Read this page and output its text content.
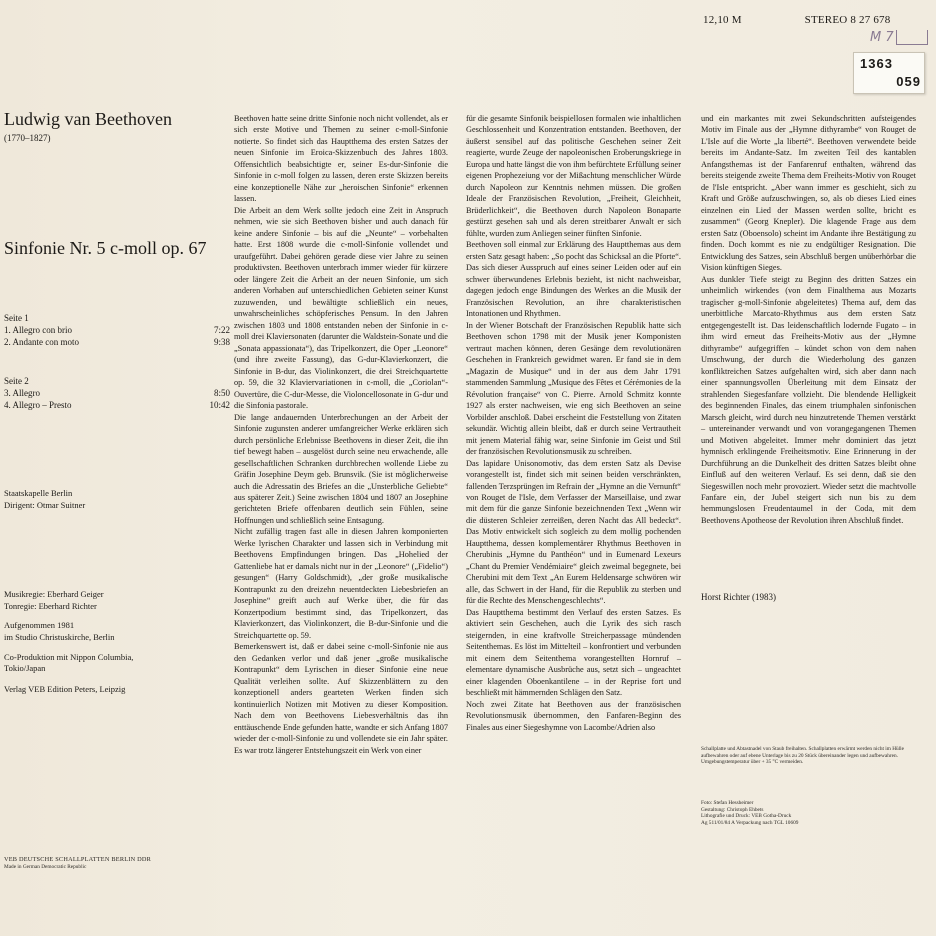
12,10 M	STEREO 8 27 678
M 7
1363
059
Ludwig van Beethoven
(1770–1827)
Sinfonie Nr. 5 c-moll op. 67
Seite 1
1. Allegro con brio	7:22
2. Andante con moto	9:38
Seite 2
3. Allegro	8:50
4. Allegro – Presto	10:42
Staatskapelle Berlin
Dirigent: Otmar Suitner
Musikregie: Eberhard Geiger
Tonregie: Eberhard Richter
Aufgenommen 1981
im Studio Christuskirche, Berlin
Co-Produktion mit Nippon Columbia,
Tokio/Japan
Verlag VEB Edition Peters, Leipzig
VEB DEUTSCHE SCHALLPLATTEN BERLIN DDR
Made in German Democratic Republic

Beethoven hatte seine dritte Sinfonie noch nicht vollendet, als er sich erste Motive und Themen zu seiner c-moll-Sinfonie notierte. So findet sich das Hauptthema des ersten Satzes der neuen Sinfonie im Eroica-Skizzenbuch des Jahres 1803. Offensichtlich beabsichtigte er, seiner Es-dur-Sinfonie die Sinfonie in c-moll folgen zu lassen, deren erste Skizzen bereits eine konzeptionelle Nähe zur „heroischen Sinfonie“ erkennen lassen.

Die Arbeit an dem Werk sollte jedoch eine Zeit in Anspruch nehmen, wie sie sich Beethoven bisher und auch danach für keine andere Sinfonie – bis auf die „Neunte“ – vorbehalten hatte. Erst 1808 wurde die c-moll-Sinfonie vollendet und uraufgeführt. Dabei gehören gerade diese vier Jahre zu seinen produktivsten. Beethoven unterbrach immer wieder für kürzere oder längere Zeit die Arbeit an der neuen Sinfonie, um sich anderen Vorhaben auf unterschiedlichen Gebieten seiner Kunst zuzuwenden, und bewältigte schließlich ein neues, unwahrscheinliches schöpferisches Pensum. In den Jahren zwischen 1803 und 1808 entstanden neben der Sinfonie in c-moll drei Klaviersonaten (darunter die Waldstein-Sonate und die „Sonata appassionata“), das Tripelkonzert, die Oper „Leonore“ (und ihre zweite Fassung), das G-dur-Klavierkonzert, die Sinfonie in B-dur, das Violinkonzert, die drei Streichquartette op. 59, die 32 Klaviervariationen in c-moll, die „Coriolan“-Ouvertüre, die C-dur-Messe, die Violoncellosonate in G-dur und die Sinfonia pastorale.

Die lange andauernden Unterbrechungen an der Arbeit der Sinfonie zugunsten anderer umfangreicher Werke erklären sich durch persönliche Erlebnisse Beethovens in dieser Zeit, die ihn tief bewegt haben – ausgelöst durch seine neu erwachende, alle gesellschaftlichen Schranken durchbrechen wollende Liebe zu Gräfin Josephine Deym geb. Brunsvik. (Sie ist möglicherweise auch die Adressatin des Briefes an die „Unsterbliche Geliebte“ aus späterer Zeit.) Seine zwischen 1804 und 1807 an Josephine gerichteten Briefe offenbaren deutlich sein Fühlen, seine Hoffnungen und schließlich seine Entsagung.

Nicht zufällig tragen fast alle in diesen Jahren komponierten Werke lyrischen Charakter und lassen sich in Verbindung mit Beethovens Empfindungen bringen. Das „Hohelied der Gattenliebe hat er damals nicht nur in der „Leonore“ („Fidelio“) gesungen“ (Harry Goldschmidt), „der große musikalische Kontrapunkt zu den dreizehn neuentdeckten Liebesbriefen an Josephine“ greift auch auf Werke über, die für das Konzertpodium bestimmt sind, das Tripelkonzert, das Klavierkonzert, das Violinkonzert, die B-dur-Sinfonie und die Streichquartette op. 59.

Bemerkenswert ist, daß er dabei seine c-moll-Sinfonie nie aus den Gedanken verlor und daß jener „große musikalische Kontrapunkt“ dem Lyrischen in dieser Sinfonie eine neue Qualität verleihen sollte. Auf Skizzenblättern zu den konzeptionell anders gearteten Werken finden sich kontinuierlich Notizen mit Motiven zu dieser Komposition. Nach dem von Beethovens Liebesverhältnis das ihn enttäuschende Ende gefunden hatte, wandte er sich Anfang 1807 wieder der c-moll-Sinfonie zu und vollendete sie ein Jahr später. Es war trotz längerer Entstehungszeit ein Werk von einer

für die gesamte Sinfonik beispiellosen formalen wie inhaltlichen Geschlossenheit und Konzentration entstanden. Beethoven, der äußerst sensibel auf das politische Geschehen seiner Zeit reagierte, wurde Zeuge der napoleonischen Eroberungskriege in Europa und hatte längst die von ihm befürchtete Erfüllung seiner eigenen Prophezeiung vor der Mißachtung menschlicher Würde durch Napoleon zur Kenntnis nehmen müssen. Die großen Ideale der Französischen Revolution, „Freiheit, Gleichheit, Brüderlichkeit“, die Beethoven durch Napoleon Bonaparte gestürzt gesehen sah und als deren streitbarer Anwalt er sich fühlte, wurden zum Anliegen seiner fünften Sinfonie.

Beethoven soll einmal zur Erklärung des Hauptthemas aus dem ersten Satz gesagt haben: „So pocht das Schicksal an die Pforte“. Das sich dieser Ausspruch auf eines seiner Leiden oder auf ein schwer überwundenes Erlebnis bezieht, ist nicht nachweisbar, dagegen jedoch enge Bindungen des Werkes an die Musik der Französischen Revolution, an ihre charakteristischen Intonationen und Rhythmen.

In der Wiener Botschaft der Französischen Republik hatte sich Beethoven schon 1798 mit der Musik jener Komponisten vertraut machen können, deren Gesänge dem revolutionären Geschehen in Frankreich gewidmet waren. Er fand sie in dem „Magazin de Musique“ und in der aus dem Jahr 1791 stammenden Sammlung „Musique des Fêtes et Cérémonies de la Révolution française“ von C. Pierre. Arnold Schmitz konnte 1927 als erster nachweisen, wie eng sich Beethoven an seine Vorbilder anschloß. Dabei erscheint die Feststellung von Zitaten sekundär. Wichtig allein bleibt, daß er durch seine Vertrautheit mit jenem Material fähig war, seine Sinfonie im Geist und Stil der französischen Revolutionsmusik zu schreiben.

Das lapidare Unisonomotiv, das dem ersten Satz als Devise vorangestellt ist, findet sich mit seinen beiden verschränkten, fallenden Terzsprüngen im Refrain der „Hymne an die Vernunft“ von Rouget de l'Isle, dem Verfasser der Marseillaise, und zwar mit dem für die ganze Sinfonie bezeichnenden Text „Wenn wir die düsteren Schleier zerreißen, deren Nacht das All bedeckt“. Das Motiv entwickelt sich sogleich zu dem mollig pochenden Hauptthema, dessen komplementärer Rhythmus Beethoven in Cherubinis „Hymne du Panthéon“ und in Eumenard Lexeurs „Chant du Premier Vendémiaire“ gleich zweimal begegnete, bei Cherubini mit dem Text „An Eurem Heldensarge schwören wir alle, das Schwert in der Hand, für die Republik zu sterben und für die Rechte des Menschengeschlechts“.

Das Hauptthema bestimmt den Verlauf des ersten Satzes. Es aktiviert sein Geschehen, auch die Lyrik des sich rasch steigernden, in eine kraftvolle Streicherpassage mündenden Seitenthemas. Es löst im Mittelteil – konfrontiert und verbunden mit einem dem Seitenthema vorangestellten Hornruf – elementare dynamische Ausbrüche aus, setzt sich – ungeachtet einer klagenden Oboenkantilene – in der Reprise fort und beschließt mit hämmernden Schlägen den Satz.

Noch zwei Zitate hat Beethoven aus der französischen Revolutionsmusik übernommen, den Fanfaren-Beginn des Finales aus einer Siegeshymne von Lacombe/Adrien also

und ein markantes mit zwei Sekundschritten aufsteigendes Motiv im Finale aus der „Hymne dithyrambe“ von Rouget de L'Isle auf die Worte „la liberté“. Beethoven verwendete beide bereits im Andante-Satz. Im zweiten Teil des kantablen Anfangsthemas ist der Fanfarenruf enthalten, während das bereits steigende zweite Thema dem Freiheits-Motiv von Rouget de l'Isle entspricht. „Aber wann immer es geschieht, sich zu Kraft und Größe aufzuschwingen, so, als ob dieses Lied eines einzelnen ein Lied der Massen werden sollte, bricht es zusammen“ (Georg Knepler). Die klagende Frage aus dem ersten Satz (Oboensolo) scheint im Andante ihre Bestätigung zu finden. Doch kommt es nie zu endgültiger Resignation. Die Entwicklung des Satzes, sein Abschluß bergen unüberhörbar die Vision künftigen Sieges.

Aus dunkler Tiefe steigt zu Beginn des dritten Satzes ein unheimlich wirkendes (von dem Finalthema aus Mozarts tragischer g-moll-Sinfonie abgeleitetes) Thema auf, dem das unerbittliche Marcato-Rhythmus aus dem ersten Satz entgegengestellt ist. Das leidenschaftlich lodernde Fugato – in ihm wird erneut das Freiheits-Motiv aus der „Hymne dithyrambe“ aufgegriffen – kündet schon von dem nahen Umschwung, der durch die Wiederholung des ganzen konfliktreichen Satzes aufgehalten wird, sich aber dann nach einer spannungsvollen Überleitung mit dem Einsatz der strahlenden Siegesfanfare vollzieht. Die blendende Helligkeit des beginnenden Finales, das einem triumphalen sinfonischen Marsch gleicht, wird durch neu hinzutretende Themen verstärkt – untereinander verwandt und von vorangegangenen Themen und Motiven abgeleitet. Immer mehr dominiert das jetzt hymnisch erklingende Freiheitsmotiv. Eine Erinnerung in der Durchführung an die Dunkelheit des dritten Satzes bleibt ohne Einfluß auf den weiteren Verlauf. Es sei denn, daß sie den Siegeswillen noch mehr provoziert. Wieder setzt die machtvolle Fanfare ein, der Jubel steigert sich nun bis zu dem hemmungslosen Freudentaumel in der Coda, mit dem Beethovens Apotheose der Revolution ihren Abschluß findet.

Horst Richter (1983)
Schallplatte und Abtastnadel von Staub freihalten. Schallplatten erwärmt werden nicht im Hülle aufbewahren oder auf ebene Unterlage bis zu 20 Stück übereinander legen und aufbewahren. Umgebungstemperatur über + 35 °C vermeiden.
Foto: Stefan Hessheimer
Gestaltung: Christoph Ehbets
Lithografie und Druck: VEB Gotha-Druck
Ag 511/01/84 A Verpackung nach TGL 10609
